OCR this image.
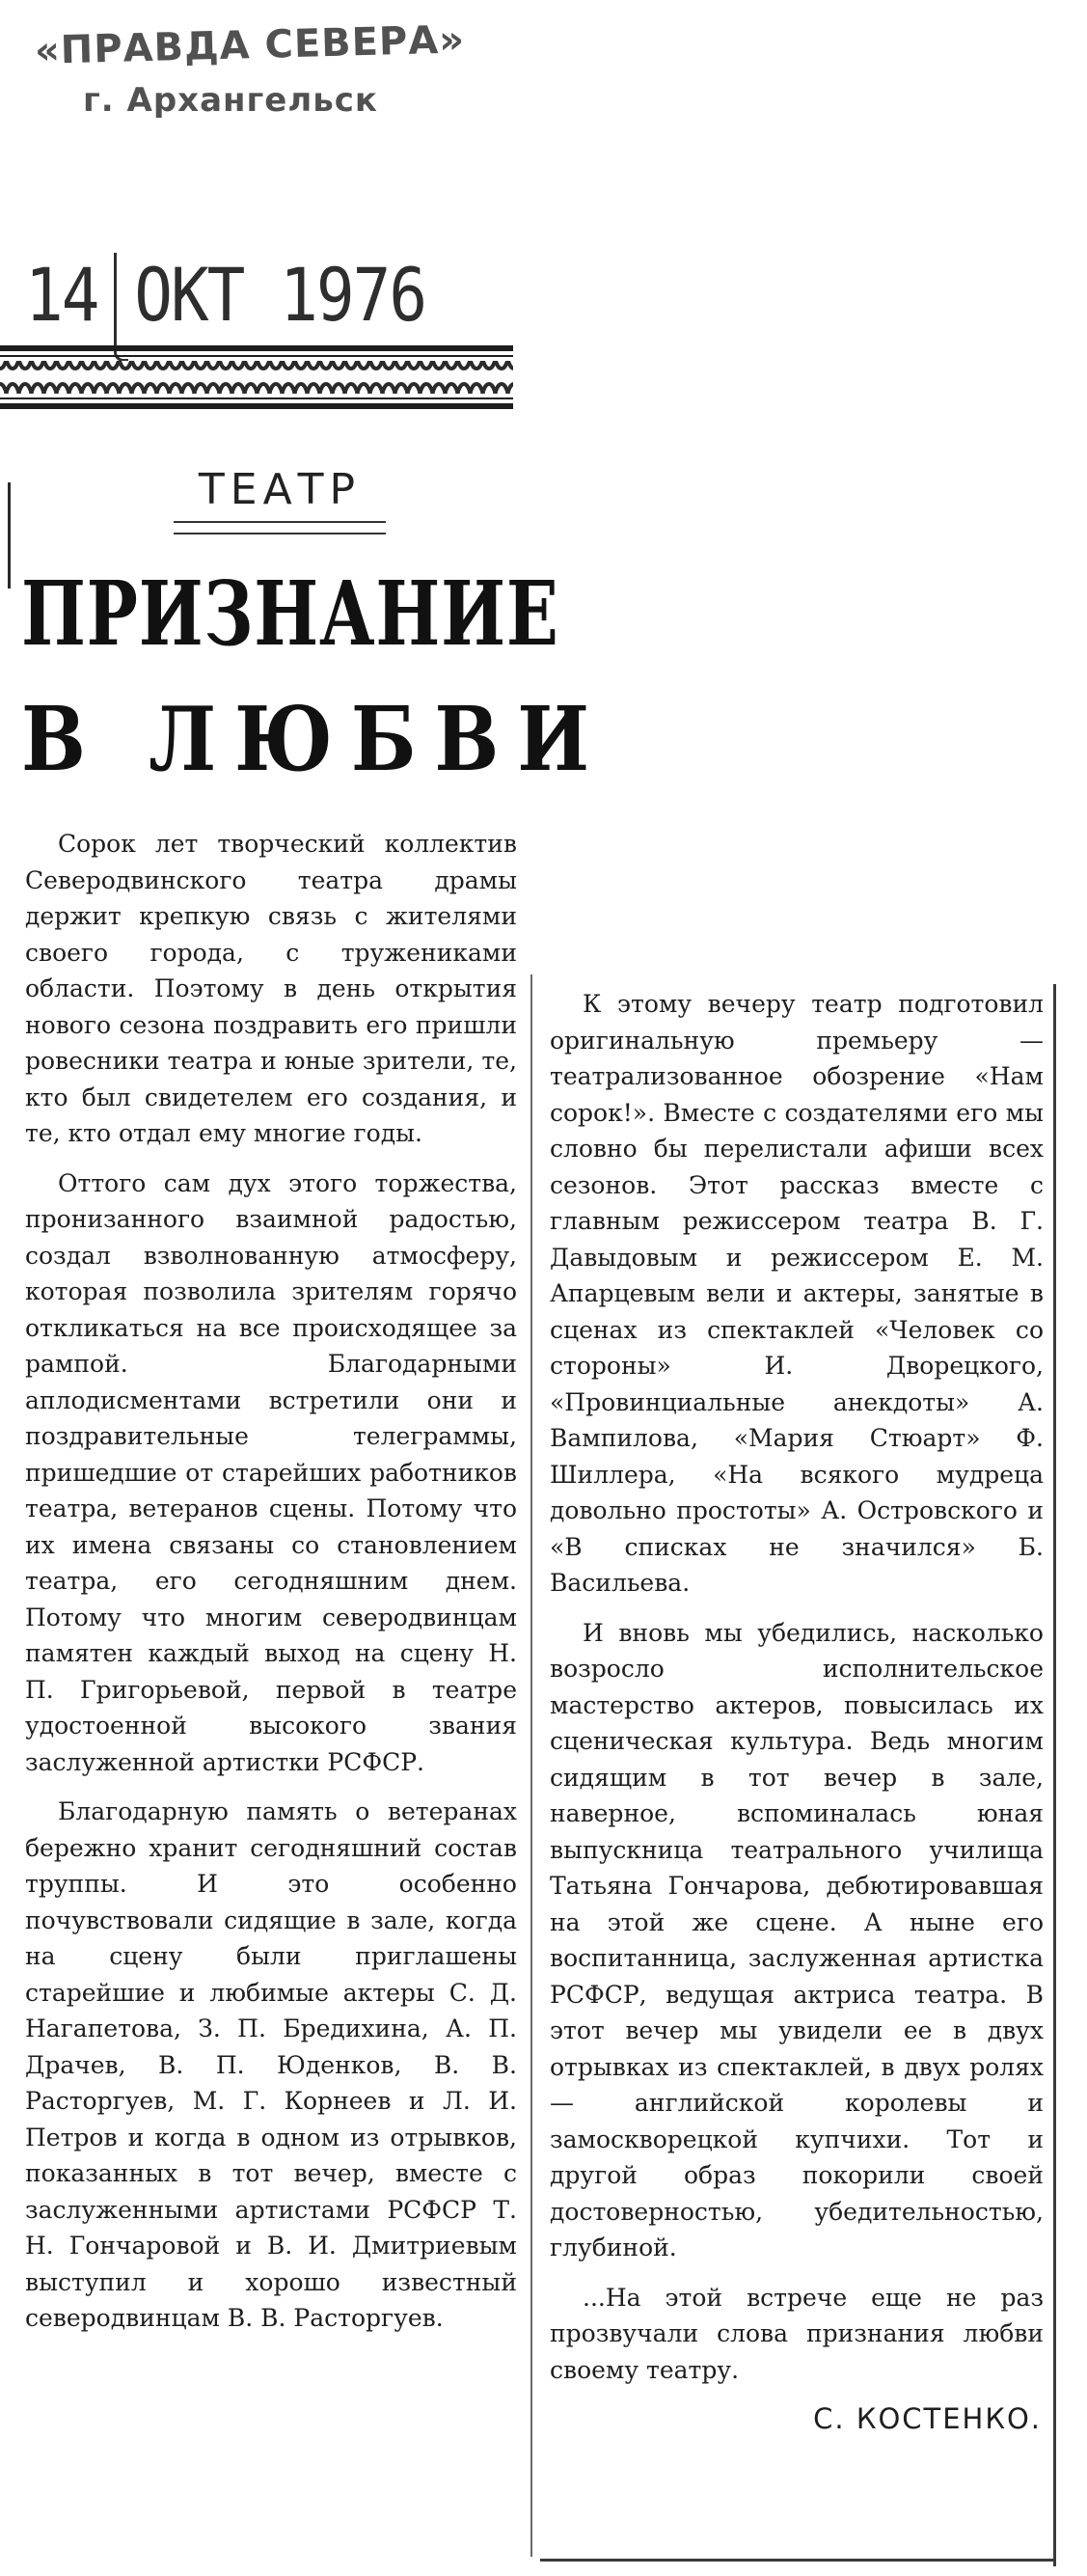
«ПРАВДА СЕВЕРА»
г. Архангельск
14 ОКТ 1976
ТЕАТР
ПРИЗНАНИЕ
В ЛЮБВИ

Сорок лет творческий коллектив Северодвинского театра драмы держит крепкую связь с жителями своего города, с тружениками области. Поэтому в день открытия нового сезона поздравить его пришли ровесники театра и юные зрители, те, кто был свидетелем его создания, и те, кто отдал ему многие годы.

Оттого сам дух этого торжества, пронизанного взаимной радостью, создал взволнованную атмосферу, которая позволила зрителям горячо откликаться на все происходящее за рампой. Благодарными аплодисментами встретили они и поздравительные телеграммы, пришедшие от старейших работников театра, ветеранов сцены. Потому что их имена связаны со становлением театра, его сегодняшним днем. Потому что многим северодвинцам памятен каждый выход на сцену Н. П. Григорьевой, первой в театре удостоенной высокого звания заслуженной артистки РСФСР.

Благодарную память о ветеранах бережно хранит сегодняшний состав труппы. И это особенно почувствовали сидящие в зале, когда на сцену были приглашены старейшие и любимые актеры С. Д. Нагапетова, З. П. Бредихина, А. П. Драчев, В. П. Юденков, В. В. Расторгуев, М. Г. Корнеев и Л. И. Петров и когда в одном из отрывков, показанных в тот вечер, вместе с заслуженными артистами РСФСР Т. Н. Гончаровой и В. И. Дмитриевым выступил и хорошо известный северодвинцам В. В. Расторгуев.

К этому вечеру театр подготовил оригинальную премьеру — театрализованное обозрение «Нам сорок!». Вместе с создателями его мы словно бы перелистали афиши всех сезонов. Этот рассказ вместе с главным режиссером театра В. Г. Давыдовым и режиссером Е. М. Апарцевым вели и актеры, занятые в сценах из спектаклей «Человек со стороны» И. Дворецкого, «Провинциальные анекдоты» А. Вампилова, «Мария Стюарт» Ф. Шиллера, «На всякого мудреца довольно простоты» А. Островского и «В списках не значился» Б. Васильева.

И вновь мы убедились, насколько возросло исполнительское мастерство актеров, повысилась их сценическая культура. Ведь многим сидящим в тот вечер в зале, наверное, вспоминалась юная выпускница театрального училища Татьяна Гончарова, дебютировавшая на этой же сцене. А ныне его воспитанница, заслуженная артистка РСФСР, ведущая актриса театра. В этот вечер мы увидели ее в двух отрывках из спектаклей, в двух ролях — английской королевы и замоскворецкой купчихи. Тот и другой образ покорили своей достоверностью, убедительностью, глубиной.

...На этой встрече еще не раз прозвучали слова признания любви своему театру.

С. КОСТЕНКО.
